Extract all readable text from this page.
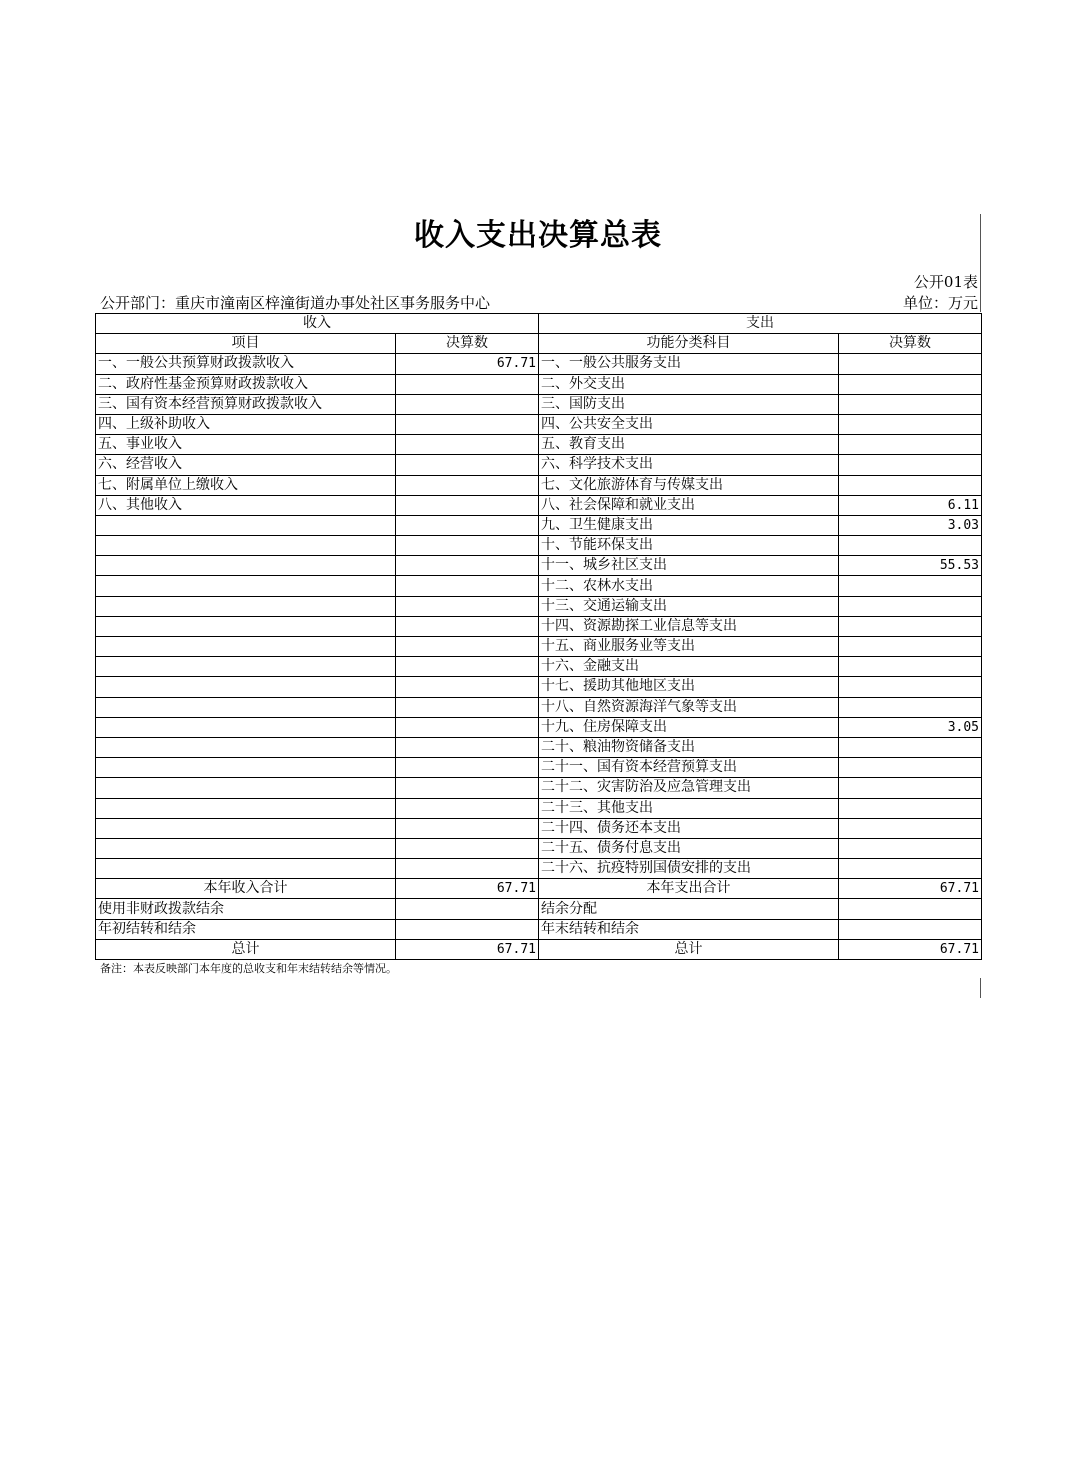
收入支出决算总表
公开01表
公开部门：重庆市潼南区梓潼街道办事处社区事务服务中心	单位：万元
收入		支出	
项目	决算数	功能分类科目	决算数
一、一般公共预算财政拨款收入	67.71	一、一般公共服务支出	
二、政府性基金预算财政拨款收入		二、外交支出	
三、国有资本经营预算财政拨款收入		三、国防支出	
四、上级补助收入		四、公共安全支出	
五、事业收入		五、教育支出	
六、经营收入		六、科学技术支出	
七、附属单位上缴收入		七、文化旅游体育与传媒支出	
八、其他收入		八、社会保障和就业支出	6.11
		九、卫生健康支出	3.03
		十、节能环保支出	
		十一、城乡社区支出	55.53
		十二、农林水支出	
		十三、交通运输支出	
		十四、资源勘探工业信息等支出	
		十五、商业服务业等支出	
		十六、金融支出	
		十七、援助其他地区支出	
		十八、自然资源海洋气象等支出	
		十九、住房保障支出	3.05
		二十、粮油物资储备支出	
		二十一、国有资本经营预算支出	
		二十二、灾害防治及应急管理支出	
		二十三、其他支出	
		二十四、债务还本支出	
		二十五、债务付息支出	
		二十六、抗疫特别国债安排的支出	
本年收入合计	67.71	本年支出合计	67.71
使用非财政拨款结余		结余分配	
年初结转和结余		年末结转和结余	
总计	67.71	总计	67.71
备注：本表反映部门本年度的总收支和年末结转结余等情况。
